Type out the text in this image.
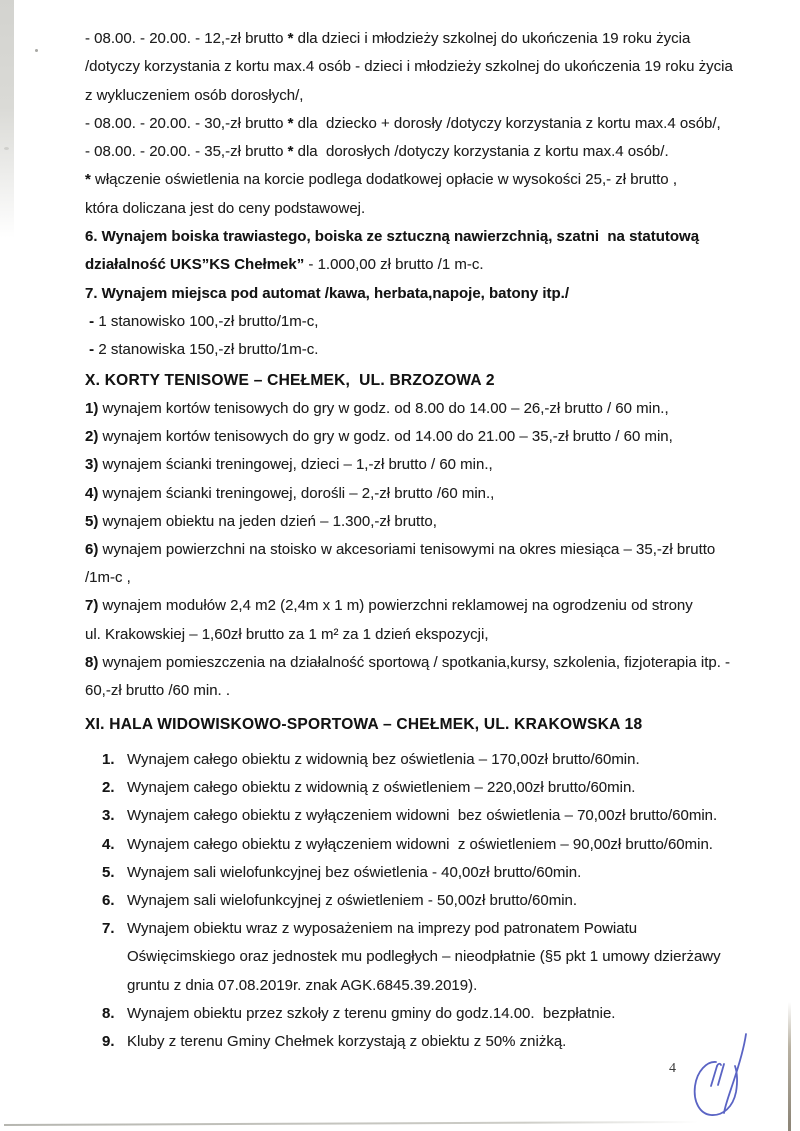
- 08.00. - 20.00. - 12,-zł brutto * dla dzieci i młodzieży szkolnej do ukończenia 19 roku życia
/dotyczy korzystania z kortu max.4 osób - dzieci i młodzieży szkolnej do ukończenia 19 roku życia
z wykluczeniem osób dorosłych/,
- 08.00. - 20.00. - 30,-zł brutto * dla  dziecko + dorosły /dotyczy korzystania z kortu max.4 osób/,
- 08.00. - 20.00. - 35,-zł brutto * dla  dorosłych /dotyczy korzystania z kortu max.4 osób/.
* włączenie oświetlenia na korcie podlega dodatkowej opłacie w wysokości 25,- zł brutto ,
która doliczana jest do ceny podstawowej.
6. Wynajem boiska trawiastego, boiska ze sztuczną nawierzchnią, szatni  na statutową
działalność UKS”KS Chełmek” - 1.000,00 zł brutto /1 m-c.
7. Wynajem miejsca pod automat /kawa, herbata,napoje, batony itp./
- 1 stanowisko 100,-zł brutto/1m-c,
- 2 stanowiska 150,-zł brutto/1m-c.
X. KORTY TENISOWE – CHEŁMEK,  UL. BRZOZOWA 2
1) wynajem kortów tenisowych do gry w godz. od 8.00 do 14.00 – 26,-zł brutto / 60 min.,
2) wynajem kortów tenisowych do gry w godz. od 14.00 do 21.00 – 35,-zł brutto / 60 min,
3) wynajem ścianki treningowej, dzieci – 1,-zł brutto / 60 min.,
4) wynajem ścianki treningowej, dorośli – 2,-zł brutto /60 min.,
5) wynajem obiektu na jeden dzień – 1.300,-zł brutto,
6) wynajem powierzchni na stoisko w akcesoriami tenisowymi na okres miesiąca – 35,-zł brutto
/1m-c ,
7) wynajem modułów 2,4 m2 (2,4m x 1 m) powierzchni reklamowej na ogrodzeniu od strony
ul. Krakowskiej – 1,60zł brutto za 1 m² za 1 dzień ekspozycji,
8) wynajem pomieszczenia na działalność sportową / spotkania,kursy, szkolenia, fizjoterapia itp. -
60,-zł brutto /60 min. .
XI. HALA WIDOWISKOWO-SPORTOWA – CHEŁMEK, UL. KRAKOWSKA 18
1. Wynajem całego obiektu z widownią bez oświetlenia – 170,00zł brutto/60min.
2. Wynajem całego obiektu z widownią z oświetleniem – 220,00zł brutto/60min.
3. Wynajem całego obiektu z wyłączeniem widowni  bez oświetlenia – 70,00zł brutto/60min.
4. Wynajem całego obiektu z wyłączeniem widowni  z oświetleniem – 90,00zł brutto/60min.
5. Wynajem sali wielofunkcyjnej bez oświetlenia - 40,00zł brutto/60min.
6. Wynajem sali wielofunkcyjnej z oświetleniem - 50,00zł brutto/60min.
7. Wynajem obiektu wraz z wyposażeniem na imprezy pod patronatem Powiatu
Oświęcimskiego oraz jednostek mu podległych – nieodpłatnie (§5 pkt 1 umowy dzierżawy
gruntu z dnia 07.08.2019r. znak AGK.6845.39.2019).
8. Wynajem obiektu przez szkoły z terenu gminy do godz.14.00.  bezpłatnie.
9. Kluby z terenu Gminy Chełmek korzystają z obiektu z 50% zniżką.
4
